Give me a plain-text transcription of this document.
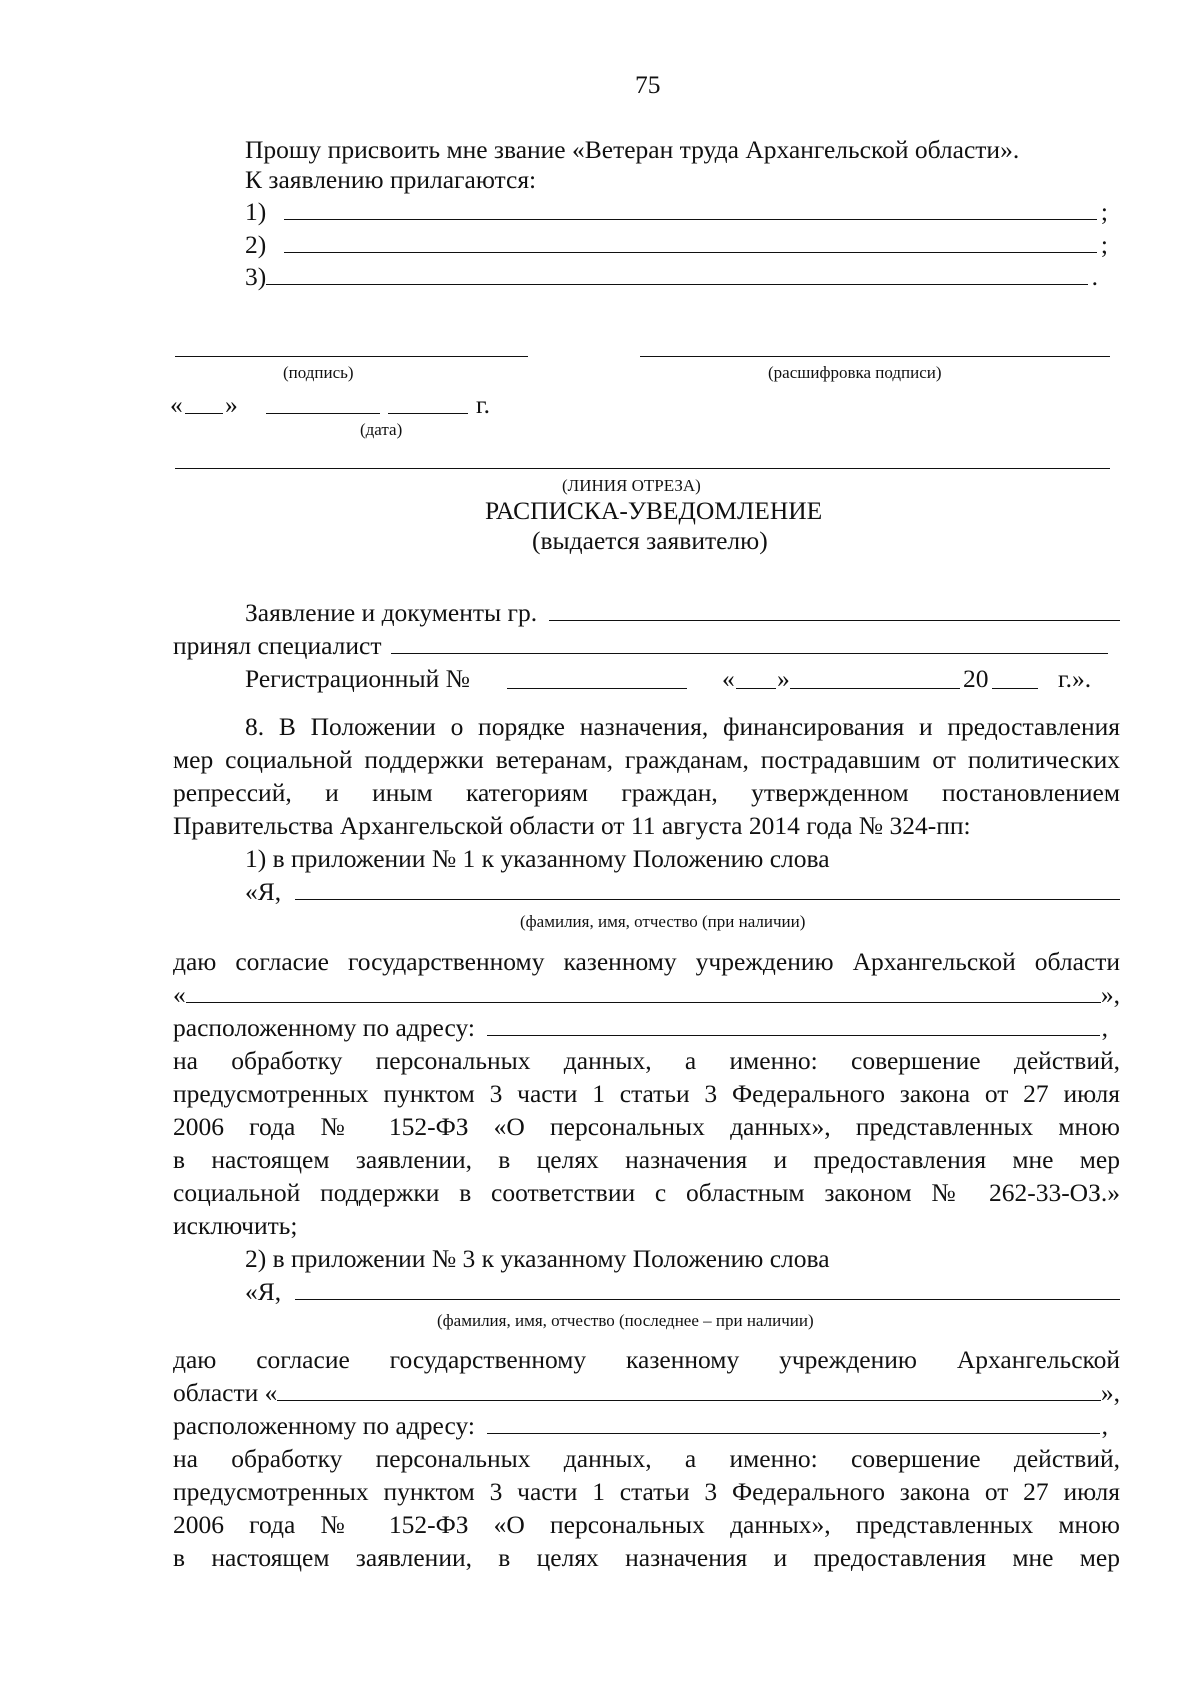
75
Прошу присвоить мне звание «Ветеран труда Архангельской области».
К заявлению прилагаются:
1)	;
2)	;
3)	.
(подпись)	(расшифровка подписи)
« »	г.
(дата)
(ЛИНИЯ ОТРЕЗА)
РАСПИСКА-УВЕДОМЛЕНИЕ
(выдается заявителю)
Заявление и документы гр.
принял специалист
Регистрационный №	« »	20	г.».
8. В Положении о порядке назначения, финансирования и предоставления
мер социальной поддержки ветеранам, гражданам, пострадавшим от политических
репрессий, и иным категориям граждан, утвержденном постановлением
Правительства Архангельской области от 11 августа 2014 года № 324-пп:
1) в приложении № 1 к указанному Положению слова
«Я,
(фамилия, имя, отчество (при наличии)
даю согласие государственному казенному учреждению Архангельской области
«	»,
расположенному по адресу:	,
на обработку персональных данных, а именно: совершение действий,
предусмотренных пунктом 3 части 1 статьи 3 Федерального закона от 27 июля
2006 года № 152-ФЗ «О персональных данных», представленных мною
в настоящем заявлении, в целях назначения и предоставления мне мер
социальной поддержки в соответствии с областным законом № 262-33-ОЗ.»
исключить;
2) в приложении № 3 к указанному Положению слова
«Я,
(фамилия, имя, отчество (последнее – при наличии)
даю согласие государственному казенному учреждению Архангельской
области «	»,
расположенному по адресу:	,
на обработку персональных данных, а именно: совершение действий,
предусмотренных пунктом 3 части 1 статьи 3 Федерального закона от 27 июля
2006 года № 152-ФЗ «О персональных данных», представленных мною
в настоящем заявлении, в целях назначения и предоставления мне мер
